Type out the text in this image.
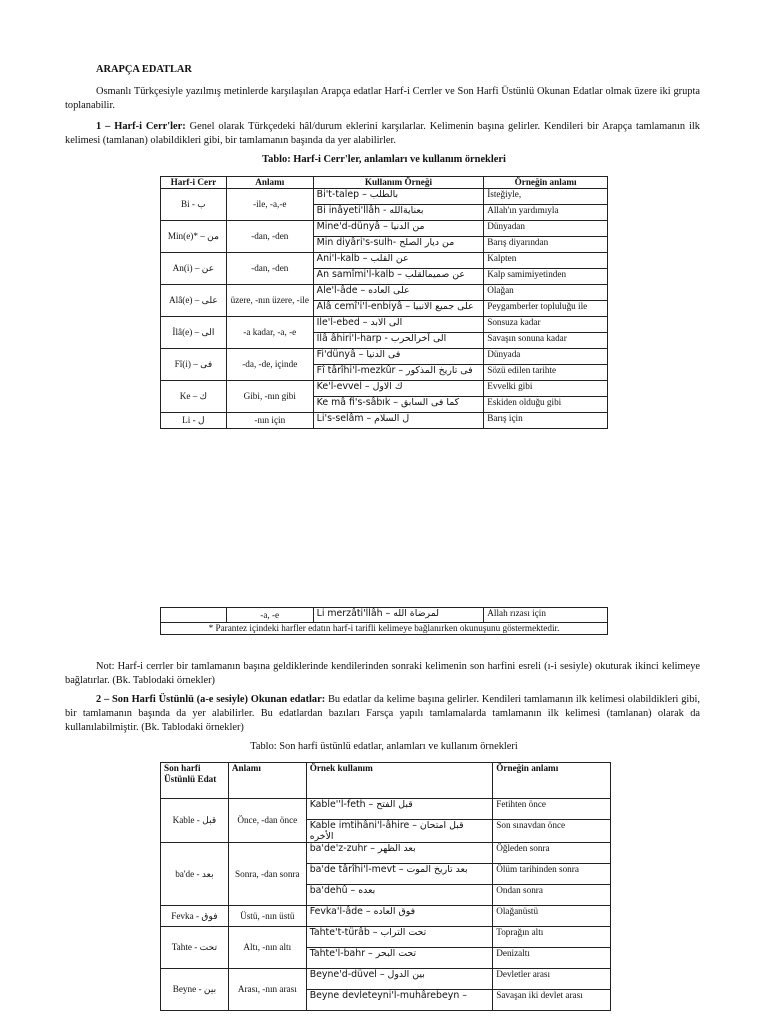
ARAPÇA EDATLAR

Osmanlı Türkçesiyle yazılmış metinlerde karşılaşılan Arapça edatlar Harf-i Cerrler ve Son Harfi Üstünlü Okunan Edatlar olmak üzere iki grupta toplanabilir.

1 – Harf-i Cerr'ler: Genel olarak Türkçedeki hâl/durum eklerini karşılarlar. Kelimenin başına gelirler. Kendileri bir Arapça tamlamanın ilk kelimesi (tamlanan) olabildikleri gibi, bir tamlamanın başında da yer alabilirler.

Tablo: Harf-i Cerr'ler, anlamları ve kullanım örnekleri
Harf-i Cerr	Anlamı	Kullanım Örneği	Örneğin anlamı
Bi - ب	-ile, -a,-e	Bi't-talep – بالطلب	İsteğiyle,
		Bi inâyeti'llâh - بعنايةالله	Allah'ın yardımıyla
Min(e)* – من	-dan, -den	Mine'd-dünyâ – من الدنيا	Dünyadan
		Min diyâri's-sulh- من ديار الصلح	Barış diyarından
An(i) – عن	-dan, -den	Ani'l-kalb – عن القلب	Kalpten
		An samîmi'l-kalb – عن صميمالقلب	Kalp samimiyetinden
Alâ(e) – على	üzere, -nın üzere, -ile	Ale'l-âde – على العاده	Olağan
		Alâ cemî'i'l-enbiyâ – على جميع الانبيا	Peygamberler topluluğu ile
İlâ(e) – الى	-a kadar, -a, -e	İle'l-ebed – الى الابد	Sonsuza kadar
		İlâ âhiri'l-harp - الى آخرالحرب	Savaşın sonuna kadar
Fî(i) – فى	-da, -de, içinde	Fi'dünyâ – فى الدنيا	Dünyada
		Fî târîhi'l-mezkûr – فى تاريخ المذكور	Sözü edilen tarihte
Ke – ك	Gibi, -nın gibi	Ke'l-evvel – ك الاول	Evvelki gibi
		Ke mâ fi's-sâbık – كما فى السابق	Eskiden olduğu gibi
Li - ل	-nın için	Li's-selâm – ل السلام	Barış için
	-a, -e	Li merzâti'llâh – لمرضاة الله	Allah rızası için
* Parantez içindeki harfler edatın harf-i tarifli kelimeye bağlanırken okunuşunu göstermektedir.

Not: Harf-i cerrler bir tamlamanın başına geldiklerinde kendilerinden sonraki kelimenin son harfini esreli (ı-i sesiyle) okuturak ikinci kelimeye bağlatırlar. (Bk. Tablodaki örnekler)

2 – Son Harfi Üstünlü (a-e sesiyle) Okunan edatlar: Bu edatlar da kelime başına gelirler. Kendileri tamlamanın ilk kelimesi olabildikleri gibi, bir tamlamanın başında da yer alabilirler. Bu edatlardan bazıları Farsça yapılı tamlamalarda tamlamanın ilk kelimesi (tamlanan) olarak da kullanılabilmiştir. (Bk. Tablodaki örnekler)

Tablo: Son harfi üstünlü edatlar, anlamları ve kullanım örnekleri
Son harfi Üstünlü Edat	Anlamı	Örnek kullanım	Örneğin anlamı
Kable - قبل	Önce, -dan önce	Kable''l-feth – قبل الفتح	Fetihten önce
		Kable imtihâni'l-âhire – قبل امتحان الأخره	Son sınavdan önce
ba'de - بعد	Sonra, -dan sonra	ba'de'z-zuhr – بعد الظهر	Öğleden sonra
		ba'de târîhi'l-mevt – بعد تاريخ الموت	Ölüm tarihinden sonra
		ba'dehû – بعده	Ondan sonra
Fevka - فوق	Üstü, -nın üstü	Fevka'l-âde – فوق العاده	Olağanüstü
Tahte - تحت	Altı, -nın altı	Tahte't-türâb – تحت التراب	Toprağın altı
		Tahte'l-bahr – تحت البحر	Denizaltı
Beyne - بين	Arası, -nın arası	Beyne'd-düvel – بين الدول	Devletler arası
		Beyne devleteyni'l-muhârebeyn –	Savaşan iki devlet arası
